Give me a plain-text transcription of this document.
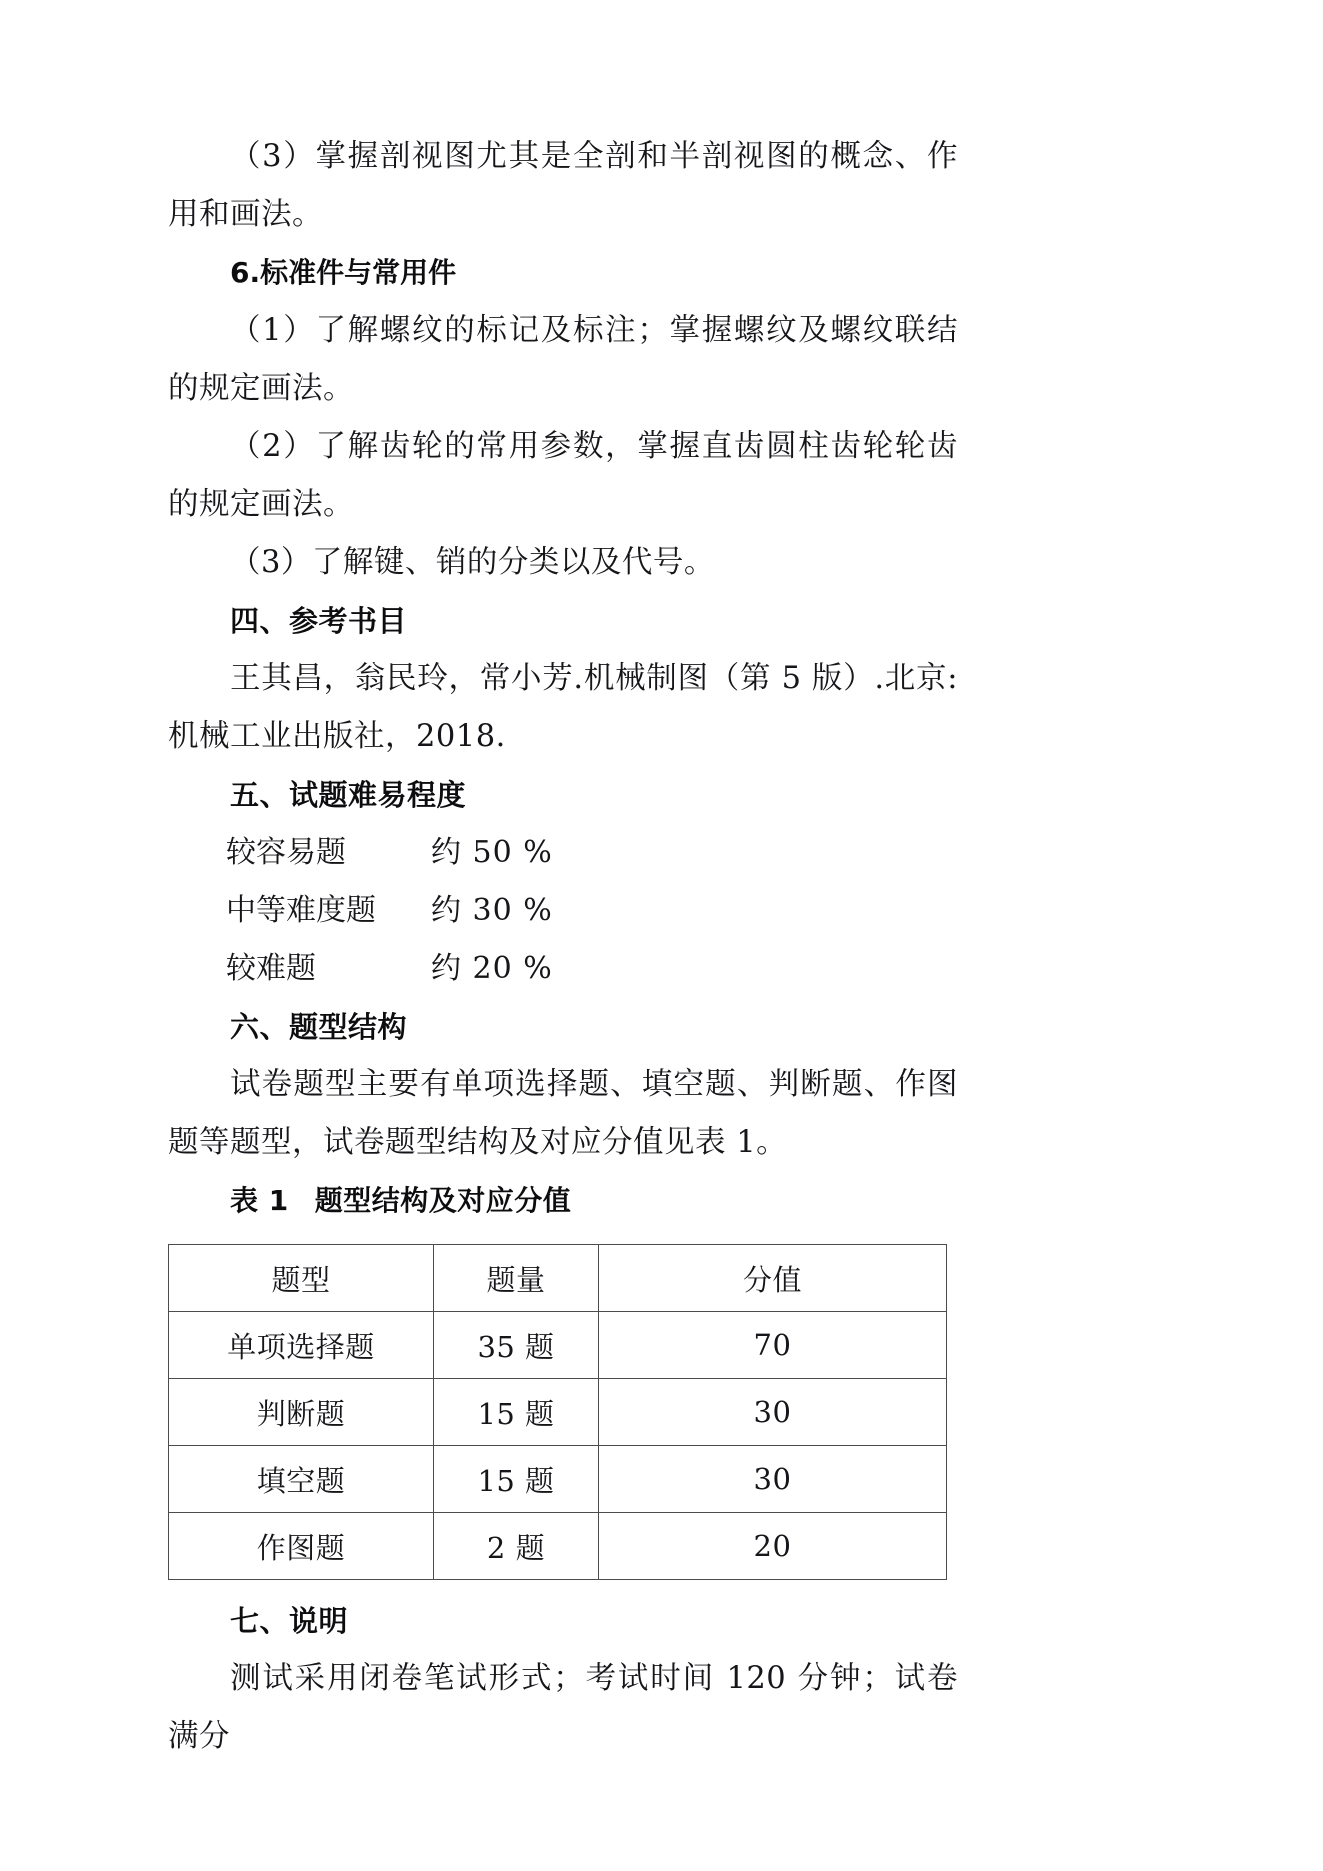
（3）掌握剖视图尤其是全剖和半剖视图的概念、作用和画法。

6.标准件与常用件

（1）了解螺纹的标记及标注；掌握螺纹及螺纹联结的规定画法。

（2）了解齿轮的常用参数，掌握直齿圆柱齿轮轮齿的规定画法。

（3）了解键、销的分类以及代号。

四、参考书目

王其昌，翁民玲，常小芳.机械制图（第 5 版）.北京:机械工业出版社，2018.

五、试题难易程度

较容易题	约 50 %

中等难度题 约 30 %

较难题	约 20 %

六、题型结构

试卷题型主要有单项选择题、填空题、判断题、作图题等题型，试卷题型结构及对应分值见表 1。

表 1 题型结构及对应分值

题型	题量	分值
单项选择题	35 题	70
判断题	15 题	30
填空题	15 题	30
作图题	2 题	20

七、说明

测试采用闭卷笔试形式；考试时间 120 分钟；试卷满分
